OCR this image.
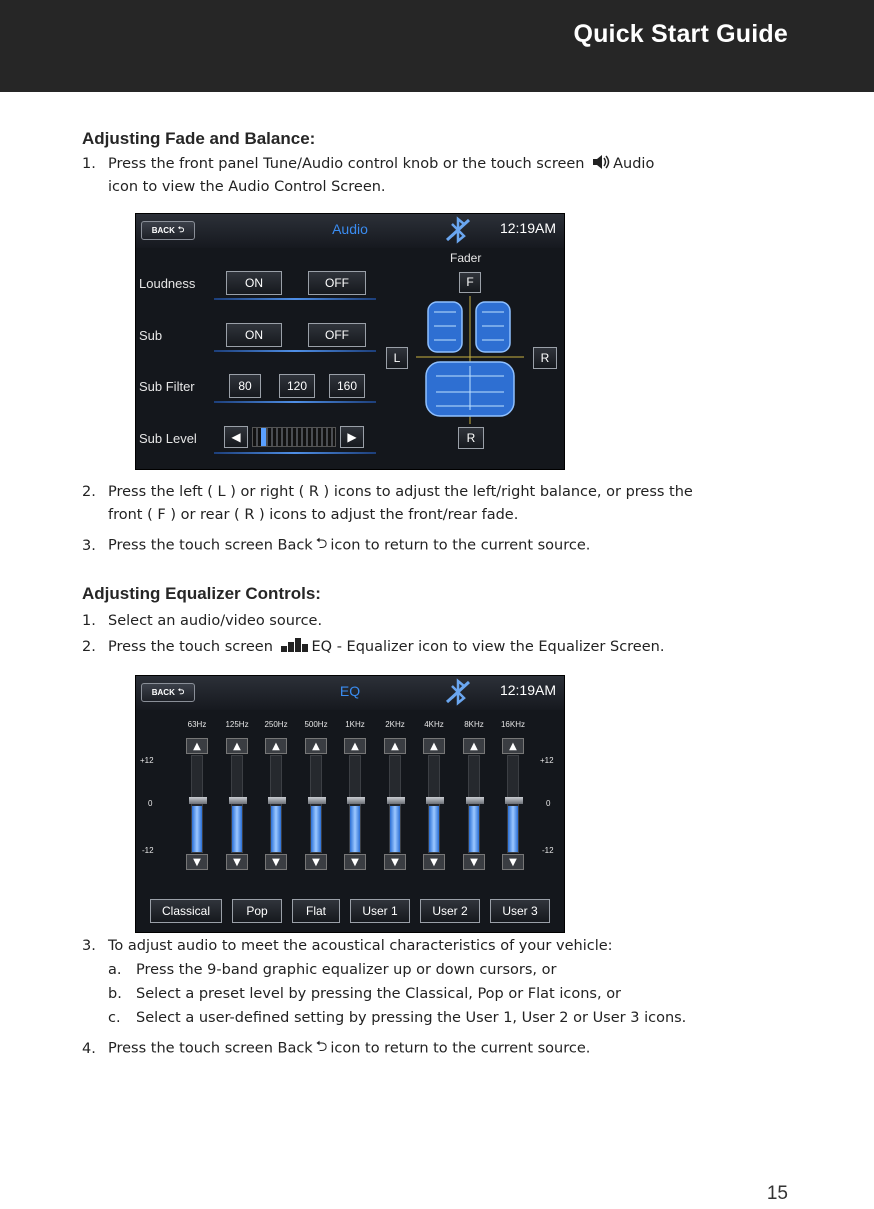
Quick Start Guide
Adjusting Fade and Balance:
1. Press the front panel Tune/Audio control knob or the touch screen Audio
icon to view the Audio Control Screen.
BACK ⮌	Audio	12:19AM
Loudness	ON	OFF
Sub	ON	OFF
Sub Filter	80	120	160
Sub Level	◀	▶
Fader
F
L	R
R
2. Press the left ( L ) or right ( R ) icons to adjust the left/right balance, or press the
front ( F ) or rear ( R ) icons to adjust the front/rear fade.
3. Press the touch screen Back ⮌ icon to return to the current source.
Adjusting Equalizer Controls:
1. Select an audio/video source.
2. Press the touch screen	EQ - Equalizer icon to view the Equalizer Screen.
BACK ⮌	EQ	12:19AM
+12
0
-12
+12
0
-12
Classical	Pop	Flat	User 1	User 2	User 3
63Hz
▲
▼
125Hz
▲
▼
250Hz
▲
▼
500Hz
▲
▼
1KHz
▲
▼
2KHz
▲
▼
4KHz
▲
▼
8KHz
▲
▼
16KHz
▲
▼
3. To adjust audio to meet the acoustical characteristics of your vehicle:
a. Press the 9-band graphic equalizer up or down cursors, or
b. Select a preset level by pressing the Classical, Pop or Flat icons, or
c. Select a user-defined setting by pressing the User 1, User 2 or User 3 icons.
4. Press the touch screen Back ⮌ icon to return to the current source.
15
